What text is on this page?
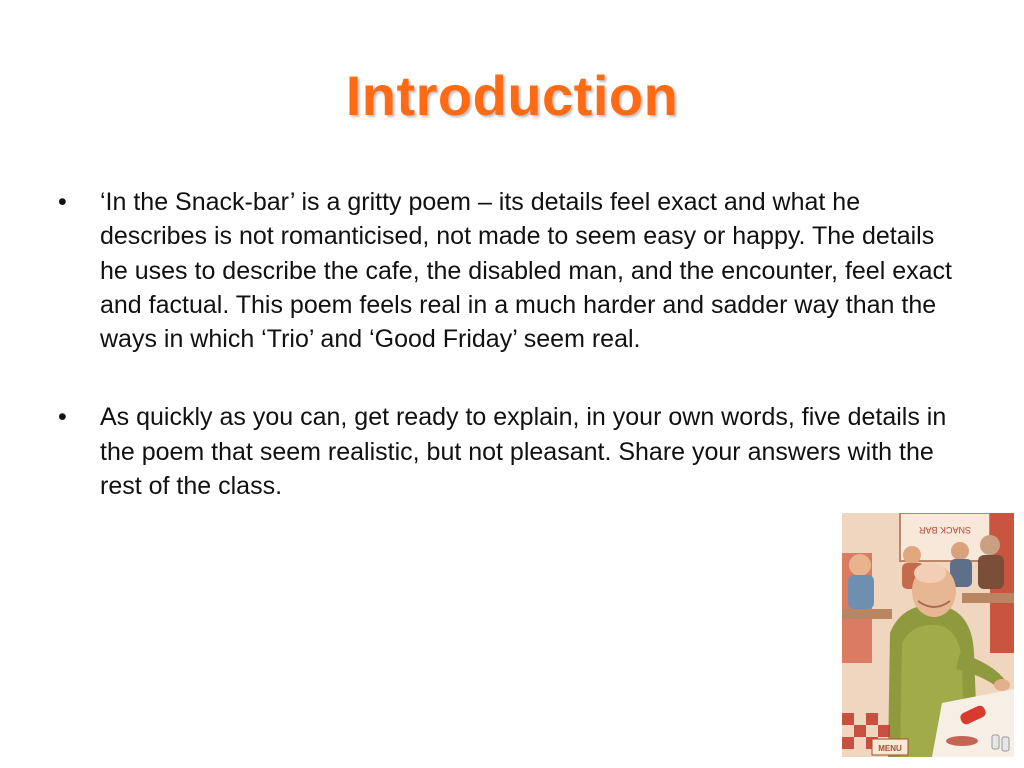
Introduction
•	‘In the Snack-bar’ is a gritty poem – its details feel exact and what he describes is not romanticised, not made to seem easy or happy. The details he uses to describe the cafe, the disabled man, and the encounter, feel exact and factual. This poem feels real in a much harder and sadder way than the ways in which ‘Trio’ and ‘Good Friday’ seem real.
•	As quickly as you can, get ready to explain, in your own words, five details in the poem that seem realistic, but not pleasant. Share your answers with the rest of the class.
SNACK BAR
MENU
